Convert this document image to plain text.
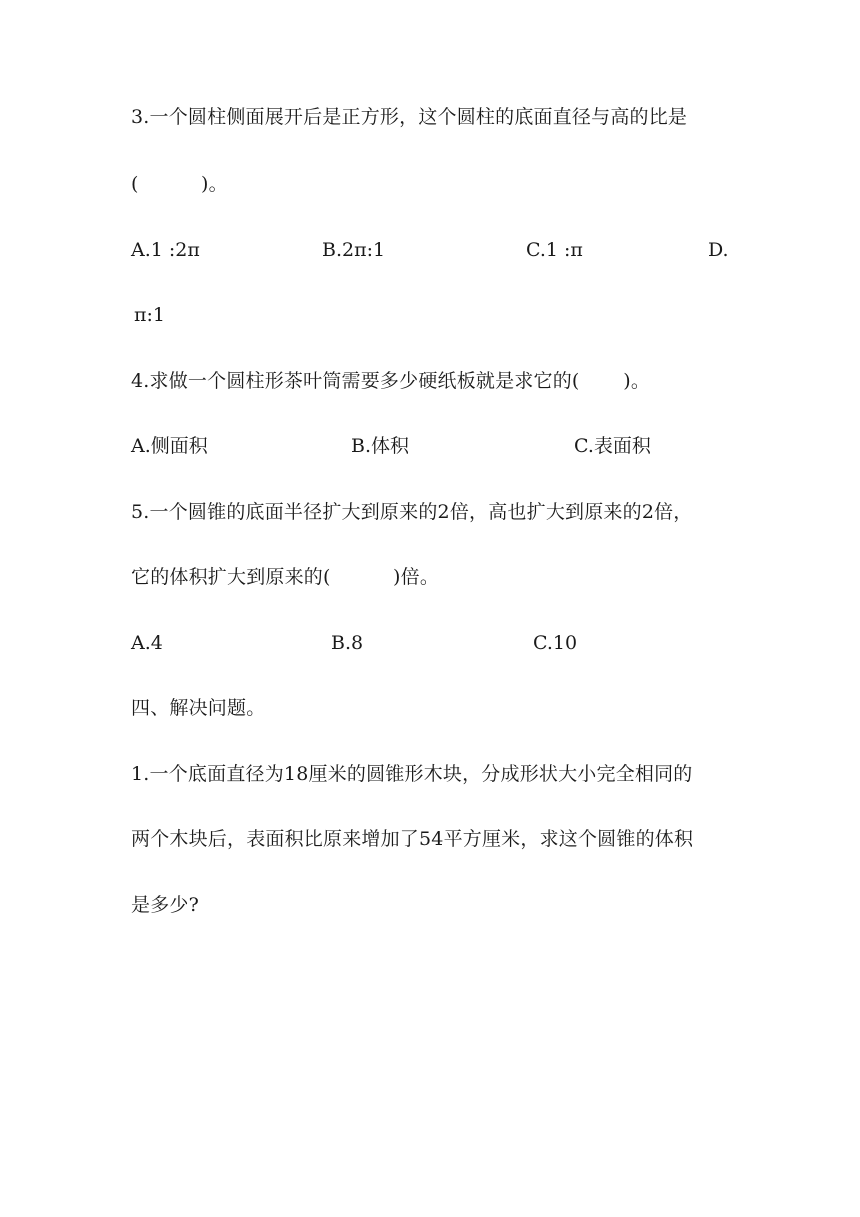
3.一个圆柱侧面展开后是正方形，这个圆柱的底面直径与高的比是
(          )。
A.1 :2π	B.2π:1	C.1 :π	D.
π:1
4.求做一个圆柱形茶叶筒需要多少硬纸板就是求它的(       )。
A.侧面积	B.体积	C.表面积
5.一个圆锥的底面半径扩大到原来的2倍，高也扩大到原来的2倍，
它的体积扩大到原来的(          )倍。
A.4	B.8	C.10
四、解决问题。
1.一个底面直径为18厘米的圆锥形木块，分成形状大小完全相同的
两个木块后，表面积比原来增加了54平方厘米，求这个圆锥的体积
是多少?
